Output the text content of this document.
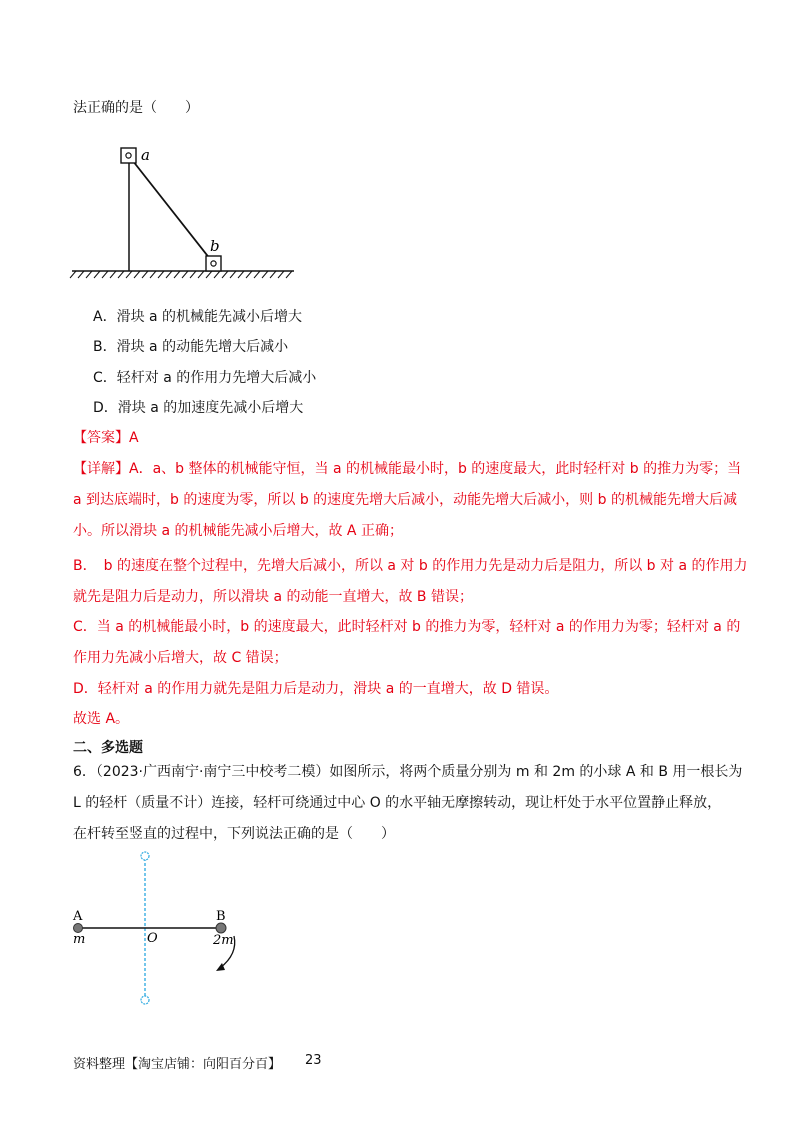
法正确的是（　　）
a
b
A．滑块 a 的机械能先减小后增大
B．滑块 a 的动能先增大后减小
C．轻杆对 a 的作用力先增大后减小
D．滑块 a 的加速度先减小后增大
【答案】A
【详解】A．a、b 整体的机械能守恒，当 a 的机械能最小时，b 的速度最大，此时轻杆对 b 的推力为零；当
a 到达底端时，b 的速度为零，所以 b 的速度先增大后减小，动能先增大后减小，则 b 的机械能先增大后减
小。所以滑块 a 的机械能先减小后增大，故 A 正确；
B．　b 的速度在整个过程中，先增大后减小，所以 a 对 b 的作用力先是动力后是阻力，所以 b 对 a 的作用力
就先是阻力后是动力，所以滑块 a 的动能一直增大，故 B 错误；
C．当 a 的机械能最小时，b 的速度最大，此时轻杆对 b 的推力为零，轻杆对 a 的作用力为零；轻杆对 a 的
作用力先减小后增大，故 C 错误；
D．轻杆对 a 的作用力就先是阻力后是动力，滑块 a 的一直增大，故 D 错误。
故选 A。
二、多选题
6．（2023·广西南宁·南宁三中校考二模）如图所示，将两个质量分别为 m 和 2m 的小球 A 和 B 用一根长为
L 的轻杆（质量不计）连接，轻杆可绕通过中心 O 的水平轴无摩擦转动，现让杆处于水平位置静止释放，
在杆转至竖直的过程中，下列说法正确的是（　　）
A	B
m	2m
O
资料整理【淘宝店铺：向阳百分百】 23
